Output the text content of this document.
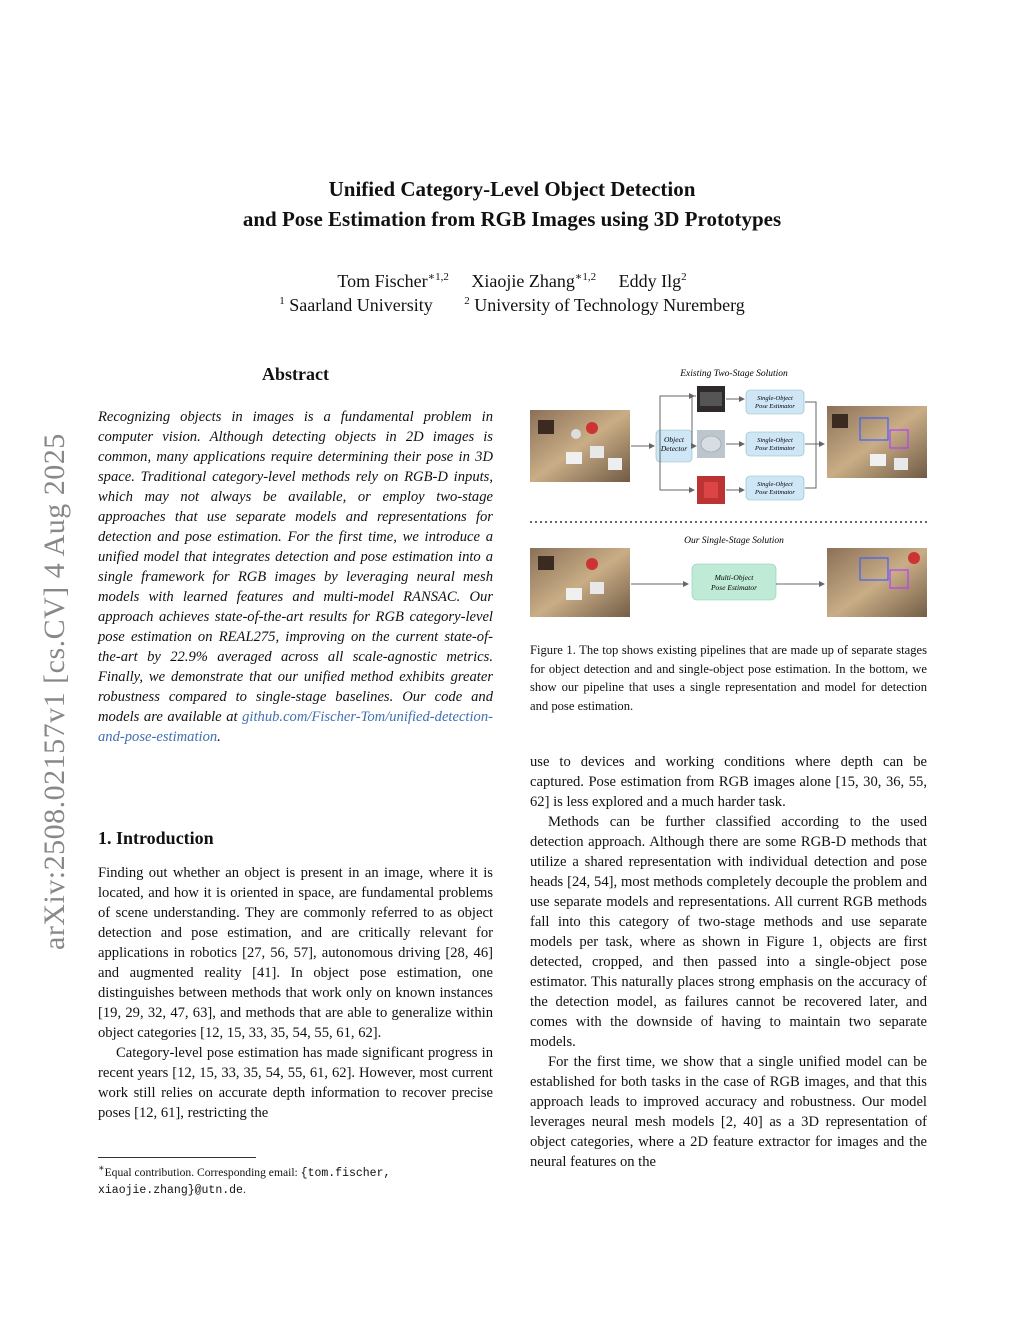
arXiv:2508.02157v1 [cs.CV] 4 Aug 2025
Unified Category-Level Object Detection
and Pose Estimation from RGB Images using 3D Prototypes
Tom Fischer$^{∗1,2}$ Xiaojie Zhang$^{∗1,2}$ Eddy Ilg$^2$
$^1$ Saarland University	$^2$ University of Technology Nuremberg
Abstract
Recognizing objects in images is a fundamental problem in computer vision. Although detecting objects in 2D images is common, many applications require determining their pose in 3D space. Traditional category-level methods rely on RGB-D inputs, which may not always be available, or employ two-stage approaches that use separate models and representations for detection and pose estimation. For the first time, we introduce a unified model that integrates detection and pose estimation into a single framework for RGB images by leveraging neural mesh models with learned features and multi-model RANSAC. Our approach achieves state-of-the-art results for RGB category-level pose estimation on REAL275, improving on the current state-of-the-art by 22.9% averaged across all scale-agnostic metrics. Finally, we demonstrate that our unified method exhibits greater robustness compared to single-stage baselines. Our code and models are available at github.com/Fischer-Tom/unified-detection-and-pose-estimation.
1. Introduction

Finding out whether an object is present in an image, where it is located, and how it is oriented in space, are fundamental problems of scene understanding. They are commonly referred to as object detection and pose estimation, and are critically relevant for applications in robotics [27, 56, 57], autonomous driving [28, 46] and augmented reality [41]. In object pose estimation, one distinguishes between methods that work only on known instances [19, 29, 32, 47, 63], and methods that are able to generalize within object categories [12, 15, 33, 35, 54, 55, 61, 62].

Category-level pose estimation has made significant progress in recent years [12, 15, 33, 35, 54, 55, 61, 62]. However, most current work still relies on accurate depth information to recover precise poses [12, 61], restricting the

∗Equal contribution. Corresponding email: {tom.fischer, xiaojie.zhang}@utn.de.
Existing Two-Stage Solution
Object Detector
Single-Object Pose Estimator
Single-Object Pose Estimator
Single-Object Pose Estimator
Our Single-Stage Solution
Multi-Object Pose Estimator
Figure 1. The top shows existing pipelines that are made up of separate stages for object detection and and single-object pose estimation. In the bottom, we show our pipeline that uses a single representation and model for detection and pose estimation.

use to devices and working conditions where depth can be captured. Pose estimation from RGB images alone [15, 30, 36, 55, 62] is less explored and a much harder task.

Methods can be further classified according to the used detection approach. Although there are some RGB-D methods that utilize a shared representation with individual detection and pose heads [24, 54], most methods completely decouple the problem and use separate models and representations. All current RGB methods fall into this category of two-stage methods and use separate models per task, where as shown in Figure 1, objects are first detected, cropped, and then passed into a single-object pose estimator. This naturally places strong emphasis on the accuracy of the detection model, as failures cannot be recovered later, and comes with the downside of having to maintain two separate models.

For the first time, we show that a single unified model can be established for both tasks in the case of RGB images, and that this approach leads to improved accuracy and robustness. Our model leverages neural mesh models [2, 40] as a 3D representation of object categories, where a 2D feature extractor for images and the neural features on the
